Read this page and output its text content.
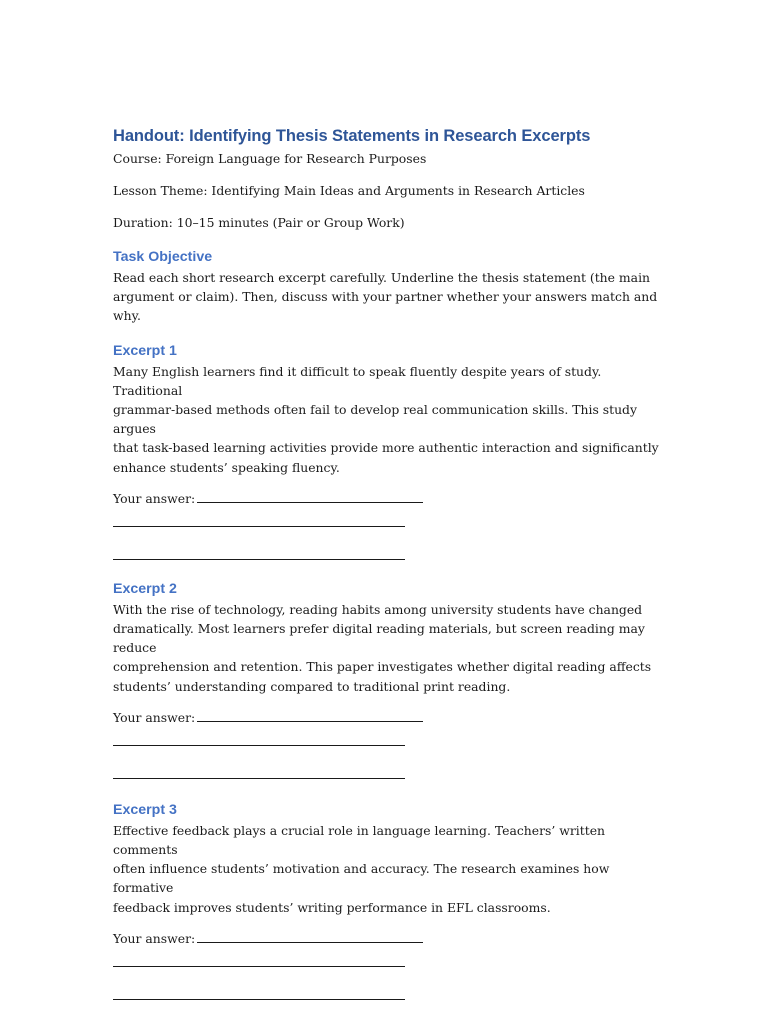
Handout: Identifying Thesis Statements in Research Excerpts

Course: Foreign Language for Research Purposes

Lesson Theme: Identifying Main Ideas and Arguments in Research Articles

Duration: 10–15 minutes (Pair or Group Work)

Task Objective

Read each short research excerpt carefully. Underline the thesis statement (the main
argument or claim). Then, discuss with your partner whether your answers match and why.

Excerpt 1

Many English learners find it difficult to speak fluently despite years of study. Traditional
grammar-based methods often fail to develop real communication skills. This study argues
that task-based learning activities provide more authentic interaction and significantly
enhance students’ speaking fluency.

Your answer:

Excerpt 2

With the rise of technology, reading habits among university students have changed
dramatically. Most learners prefer digital reading materials, but screen reading may reduce
comprehension and retention. This paper investigates whether digital reading affects
students’ understanding compared to traditional print reading.

Your answer:

Excerpt 3

Effective feedback plays a crucial role in language learning. Teachers’ written comments
often influence students’ motivation and accuracy. The research examines how formative
feedback improves students’ writing performance in EFL classrooms.

Your answer:
